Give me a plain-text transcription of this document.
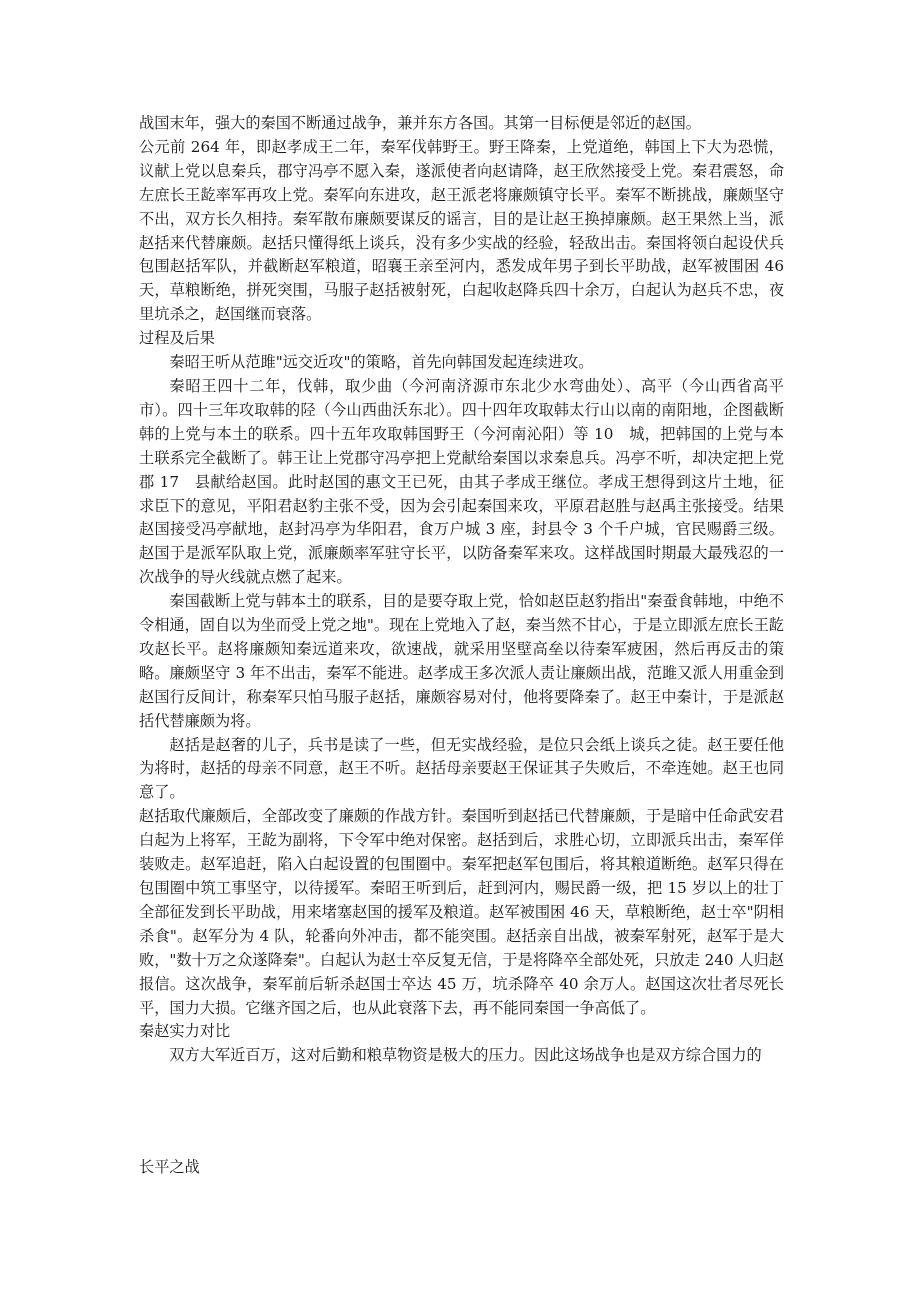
战国末年，强大的秦国不断通过战争，兼并东方各国。其第一目标便是邻近的赵国。

公元前 264 年，即赵孝成王二年，秦军伐韩野王。野王降秦，上党道绝，韩国上下大为恐慌，议献上党以息秦兵，郡守冯亭不愿入秦，遂派使者向赵请降，赵王欣然接受上党。秦君震怒，命左庶长王龁率军再攻上党。秦军向东进攻，赵王派老将廉颇镇守长平。秦军不断挑战，廉颇坚守不出，双方长久相持。秦军散布廉颇要谋反的谣言，目的是让赵王换掉廉颇。赵王果然上当，派赵括来代替廉颇。赵括只懂得纸上谈兵，没有多少实战的经验，轻敌出击。秦国将领白起设伏兵包围赵括军队，并截断赵军粮道，昭襄王亲至河内，悉发成年男子到长平助战，赵军被围困 46 天，草粮断绝，拼死突围，马服子赵括被射死，白起收赵降兵四十余万，白起认为赵兵不忠，夜里坑杀之，赵国继而衰落。

过程及后果

秦昭王听从范雎"远交近攻"的策略，首先向韩国发起连续进攻。

秦昭王四十二年，伐韩，取少曲（今河南济源市东北少水弯曲处）、高平（今山西省高平市）。四十三年攻取韩的陉（今山西曲沃东北）。四十四年攻取韩太行山以南的南阳地，企图截断韩的上党与本土的联系。四十五年攻取韩国野王（今河南沁阳）等 10　城，把韩国的上党与本土联系完全截断了。韩王让上党郡守冯亭把上党献给秦国以求秦息兵。冯亭不听，却决定把上党郡 17　县献给赵国。此时赵国的惠文王已死，由其子孝成王继位。孝成王想得到这片土地，征求臣下的意见，平阳君赵豹主张不受，因为会引起秦国来攻，平原君赵胜与赵禹主张接受。结果赵国接受冯亭献地，赵封冯亭为华阳君，食万户城 3 座，封县令 3 个千户城，官民赐爵三级。赵国于是派军队取上党，派廉颇率军驻守长平，以防备秦军来攻。这样战国时期最大最残忍的一次战争的导火线就点燃了起来。

秦国截断上党与韩本土的联系，目的是要夺取上党，恰如赵臣赵豹指出"秦蚕食韩地，中绝不令相通，固自以为坐而受上党之地"。现在上党地入了赵，秦当然不甘心，于是立即派左庶长王龁攻赵长平。赵将廉颇知秦远道来攻，欲速战，就采用坚壁高垒以待秦军疲困，然后再反击的策略。廉颇坚守 3 年不出击，秦军不能进。赵孝成王多次派人责让廉颇出战，范雎又派人用重金到赵国行反间计，称秦军只怕马服子赵括，廉颇容易对付，他将要降秦了。赵王中秦计，于是派赵括代替廉颇为将。

赵括是赵奢的儿子，兵书是读了一些，但无实战经验，是位只会纸上谈兵之徒。赵王要任他为将时，赵括的母亲不同意，赵王不听。赵括母亲要赵王保证其子失败后，不牵连她。赵王也同意了。

赵括取代廉颇后，全部改变了廉颇的作战方针。秦国听到赵括已代替廉颇，于是暗中任命武安君白起为上将军，王龁为副将，下令军中绝对保密。赵括到后，求胜心切，立即派兵出击，秦军佯装败走。赵军追赶，陷入白起设置的包围圈中。秦军把赵军包围后，将其粮道断绝。赵军只得在包围圈中筑工事坚守，以待援军。秦昭王听到后，赶到河内，赐民爵一级，把 15 岁以上的壮丁全部征发到长平助战，用来堵塞赵国的援军及粮道。赵军被围困 46 天，草粮断绝，赵士卒"阴相杀食"。赵军分为 4 队，轮番向外冲击，都不能突围。赵括亲自出战，被秦军射死，赵军于是大败，"数十万之众遂降秦"。白起认为赵士卒反复无信，于是将降卒全部处死，只放走 240 人归赵报信。这次战争，秦军前后斩杀赵国士卒达 45 万，坑杀降卒 40 余万人。赵国这次壮者尽死长平，国力大损。它继齐国之后，也从此衰落下去，再不能同秦国一争高低了。

秦赵实力对比

双方大军近百万，这对后勤和粮草物资是极大的压力。因此这场战争也是双方综合国力的

长平之战
